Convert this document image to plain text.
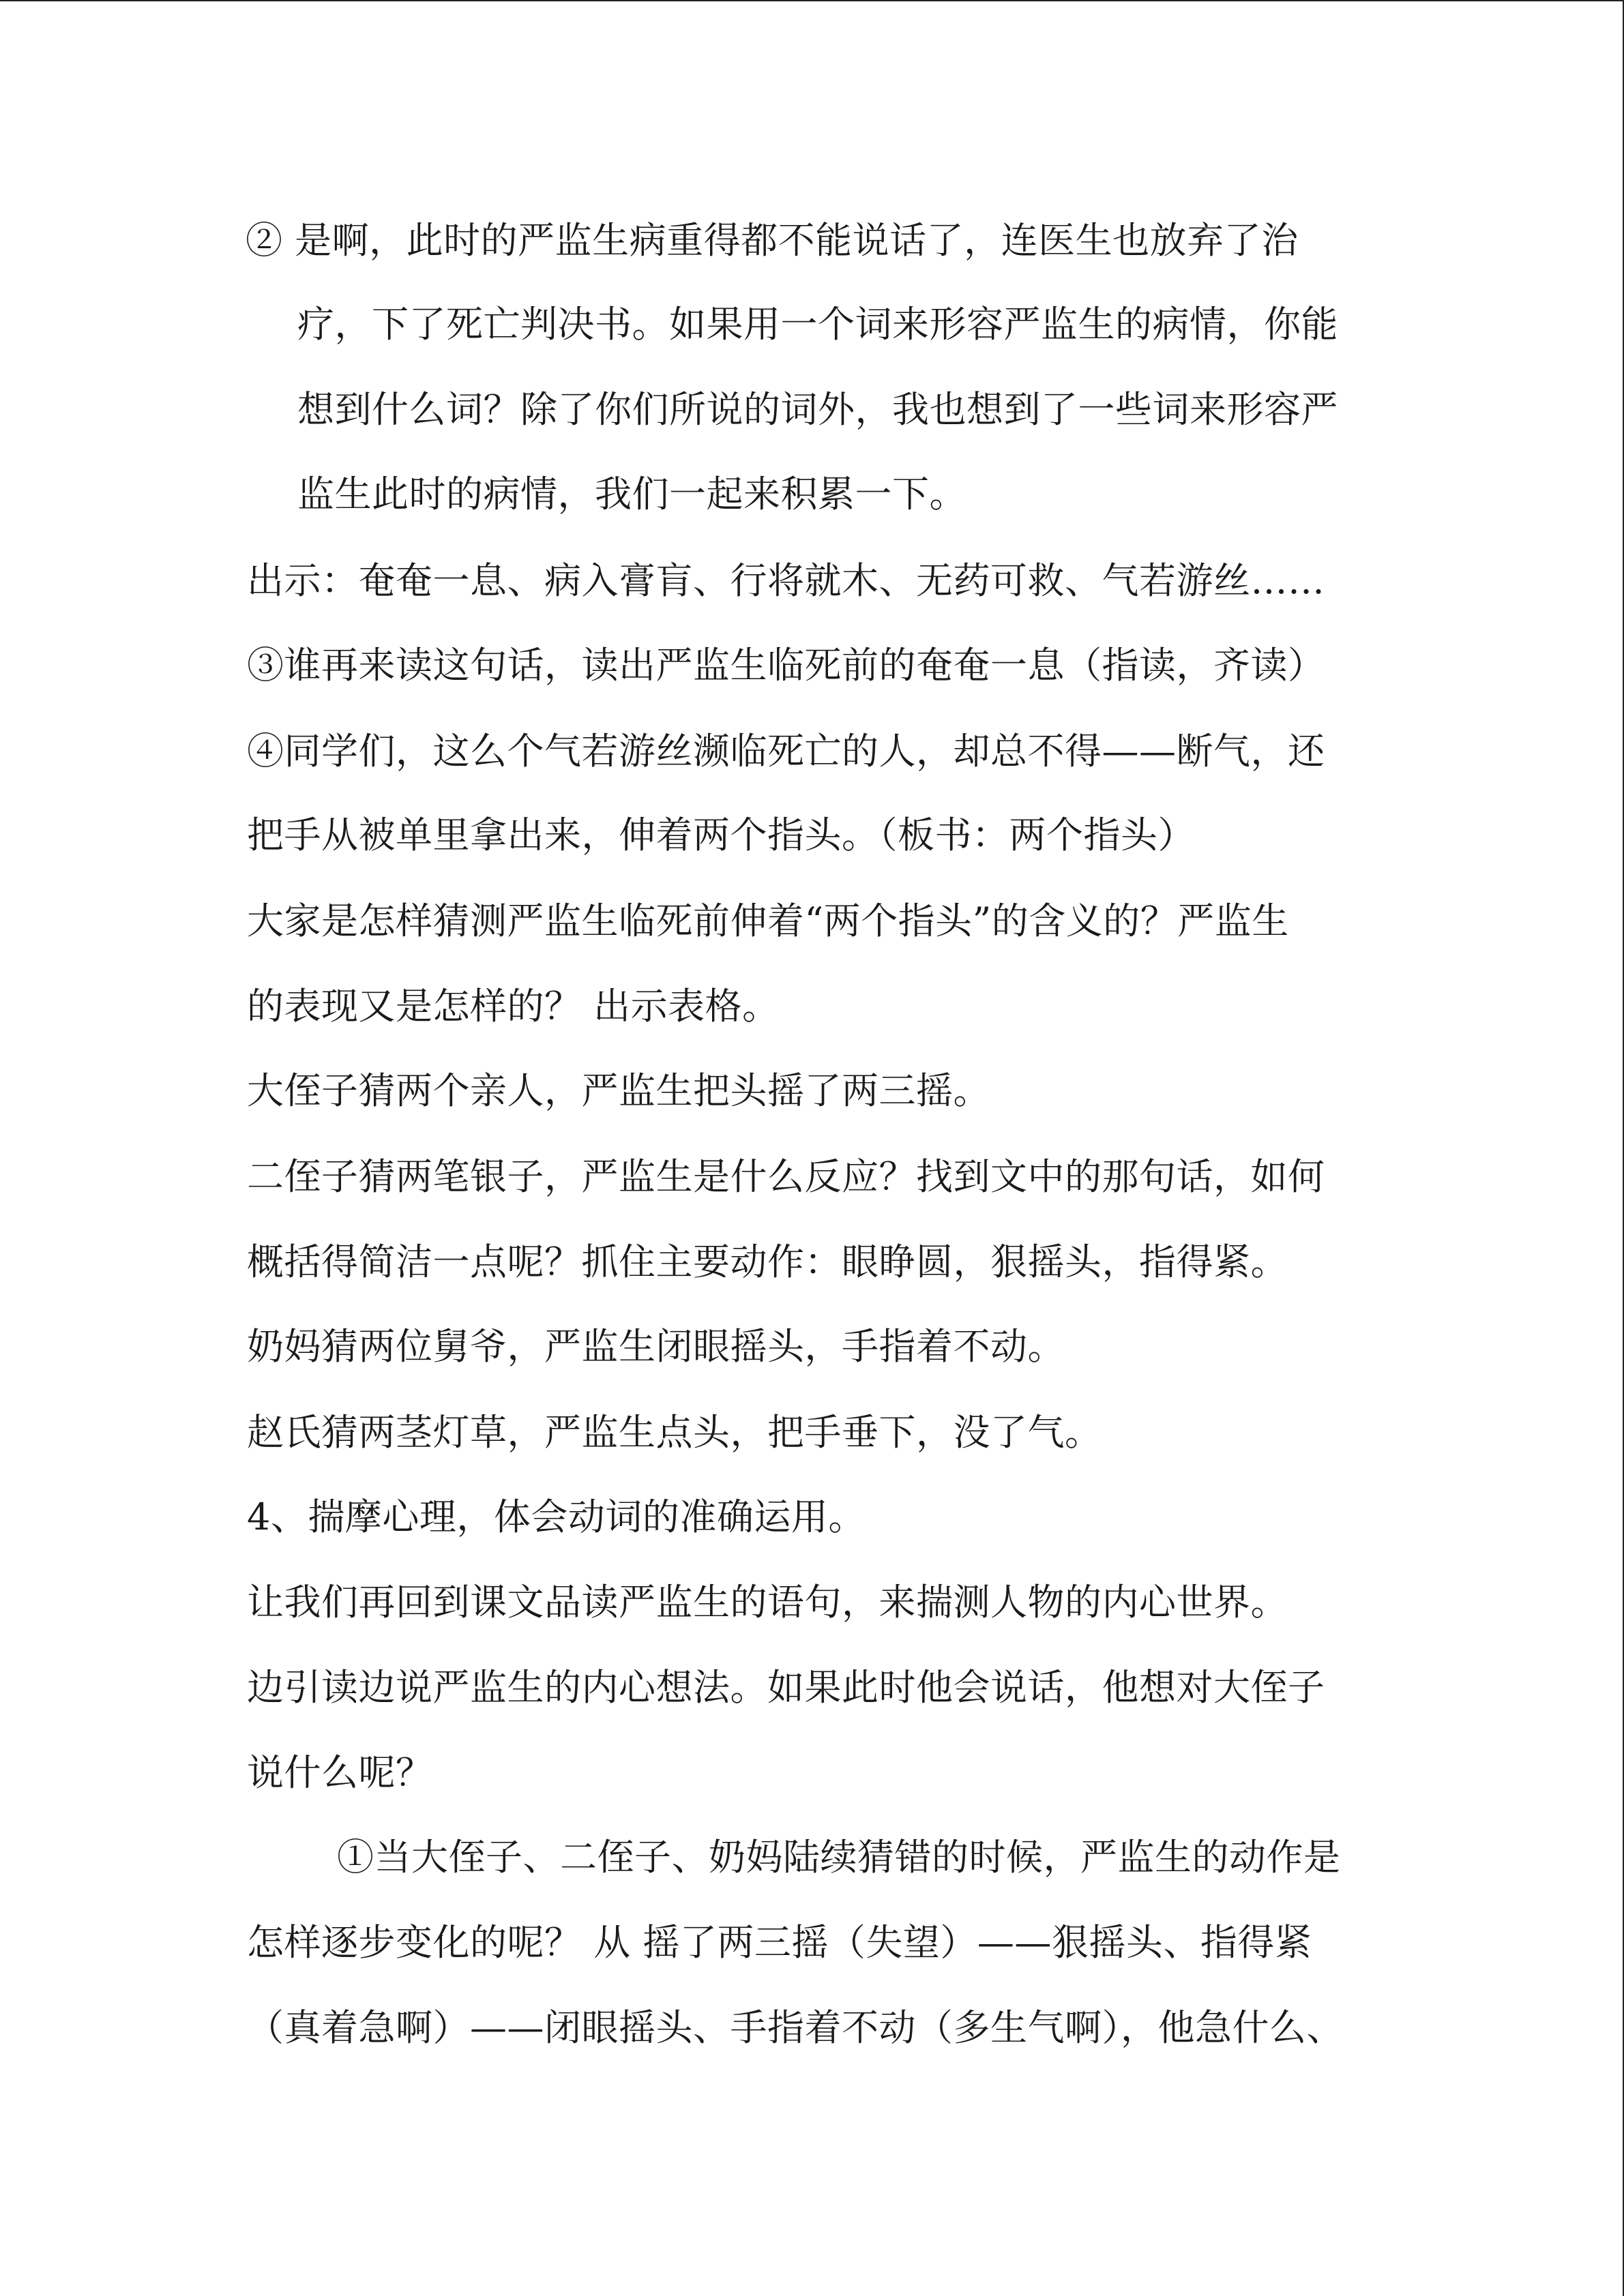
② 是啊，此时的严监生病重得都不能说话了，连医生也放弃了治
疗，下了死亡判决书。如果用一个词来形容严监生的病情，你能
想到什么词？除了你们所说的词外，我也想到了一些词来形容严
监生此时的病情，我们一起来积累一下。
出示：奄奄一息、病入膏肓、行将就木、无药可救、气若游丝……
③谁再来读这句话，读出严监生临死前的奄奄一息（指读，齐读）
④同学们，这么个气若游丝濒临死亡的人，却总不得——断气，还
把手从被单里拿出来，伸着两个指头。（板书：两个指头）
大家是怎样猜测严监生临死前伸着“两个指头”的含义的？严监生
的表现又是怎样的？ 出示表格。
大侄子猜两个亲人，严监生把头摇了两三摇。
二侄子猜两笔银子，严监生是什么反应？找到文中的那句话，如何
概括得简洁一点呢？抓住主要动作：眼睁圆，狠摇头，指得紧。
奶妈猜两位舅爷，严监生闭眼摇头，手指着不动。
赵氏猜两茎灯草，严监生点头，把手垂下，没了气。
4、揣摩心理，体会动词的准确运用。
让我们再回到课文品读严监生的语句，来揣测人物的内心世界。
边引读边说严监生的内心想法。如果此时他会说话，他想对大侄子
说什么呢？
①当大侄子、二侄子、奶妈陆续猜错的时候，严监生的动作是
怎样逐步变化的呢？ 从 摇了两三摇（失望）——狠摇头、指得紧
（真着急啊）——闭眼摇头、手指着不动（多生气啊），他急什么、
